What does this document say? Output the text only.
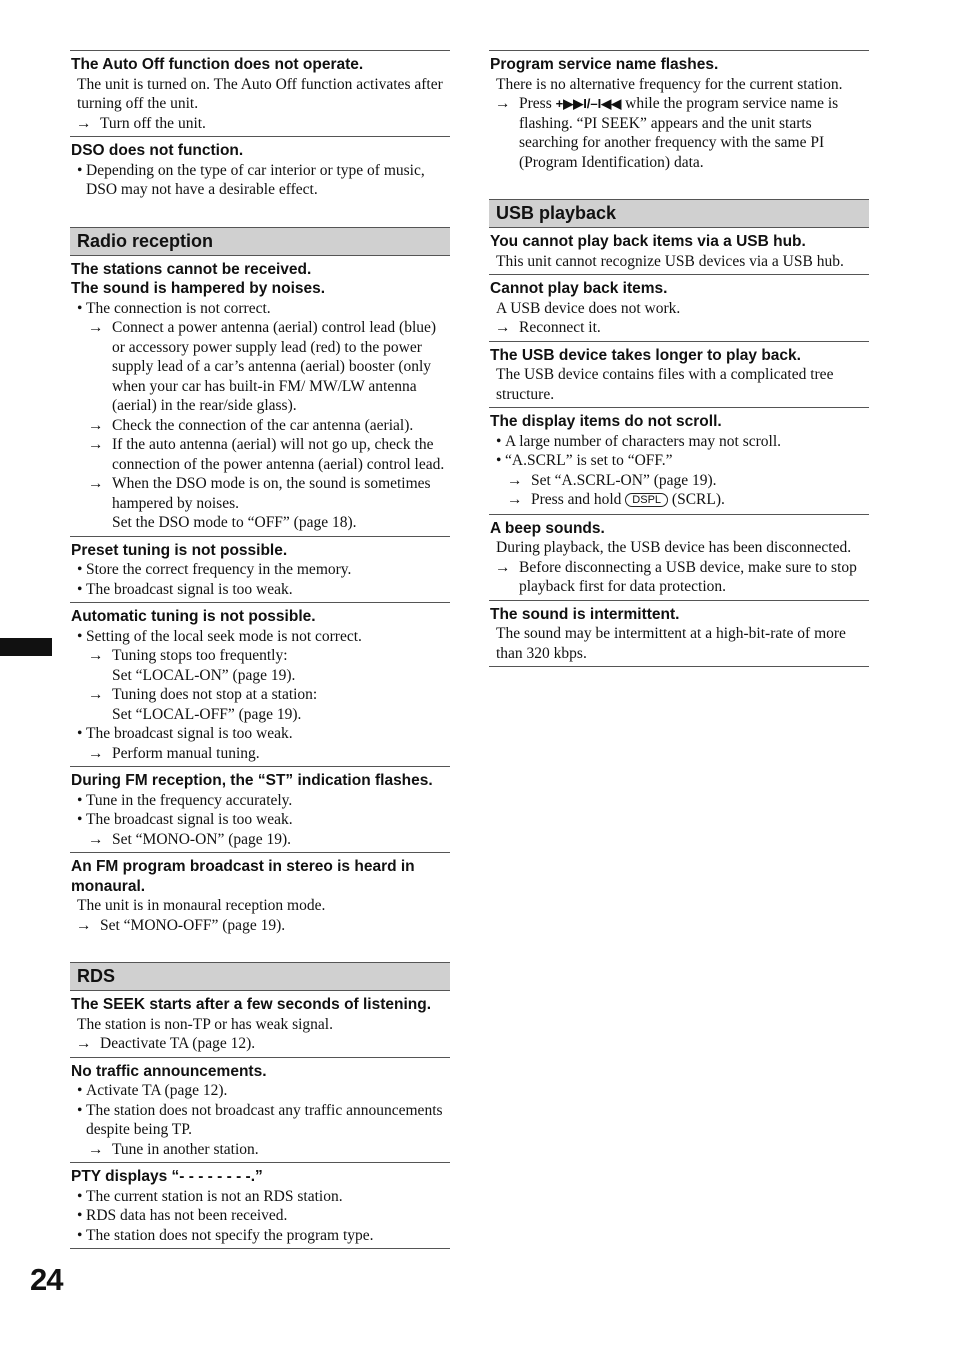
The Auto Off function does not operate.
The unit is turned on. The Auto Off function activates after turning off the unit.
→ Turn off the unit.
DSO does not function.
• Depending on the type of car interior or type of music, DSO may not have a desirable effect.
Radio reception
The stations cannot be received.
The sound is hampered by noises.
• The connection is not correct.
→ Connect a power antenna (aerial) control lead (blue) or accessory power supply lead (red) to the power supply lead of a car’s antenna (aerial) booster (only when your car has built-in FM/ MW/LW antenna (aerial) in the rear/side glass).
→ Check the connection of the car antenna (aerial).
→ If the auto antenna (aerial) will not go up, check the connection of the power antenna (aerial) control lead.
→ When the DSO mode is on, the sound is sometimes hampered by noises.
Set the DSO mode to “OFF” (page 18).
Preset tuning is not possible.
• Store the correct frequency in the memory.
• The broadcast signal is too weak.
Automatic tuning is not possible.
• Setting of the local seek mode is not correct.
→ Tuning stops too frequently:
Set “LOCAL-ON” (page 19).
→ Tuning does not stop at a station:
Set “LOCAL-OFF” (page 19).
• The broadcast signal is too weak.
→ Perform manual tuning.
During FM reception, the “ST” indication flashes.
• Tune in the frequency accurately.
• The broadcast signal is too weak.
→ Set “MONO-ON” (page 19).
An FM program broadcast in stereo is heard in monaural.
The unit is in monaural reception mode.
→ Set “MONO-OFF” (page 19).
RDS
The SEEK starts after a few seconds of listening.
The station is non-TP or has weak signal.
→ Deactivate TA (page 12).
No traffic announcements.
• Activate TA (page 12).
• The station does not broadcast any traffic announcements despite being TP.
→ Tune in another station.
PTY displays “- - - - - - - -.”
• The current station is not an RDS station.
• RDS data has not been received.
• The station does not specify the program type.
Program service name flashes.
There is no alternative frequency for the current station.
→ Press +▶▶I/–I◀◀ while the program service name is flashing. “PI SEEK” appears and the unit starts searching for another frequency with the same PI (Program Identification) data.
USB playback
You cannot play back items via a USB hub.
This unit cannot recognize USB devices via a USB hub.
Cannot play back items.
A USB device does not work.
→ Reconnect it.
The USB device takes longer to play back.
The USB device contains files with a complicated tree structure.
The display items do not scroll.
• A large number of characters may not scroll.
• “A.SCRL” is set to “OFF.”
→ Set “A.SCRL-ON” (page 19).
→ Press and hold DSPL (SCRL).
A beep sounds.
During playback, the USB device has been disconnected.
→ Before disconnecting a USB device, make sure to stop playback first for data protection.
The sound is intermittent.
The sound may be intermittent at a high-bit-rate of more than 320 kbps.
24
